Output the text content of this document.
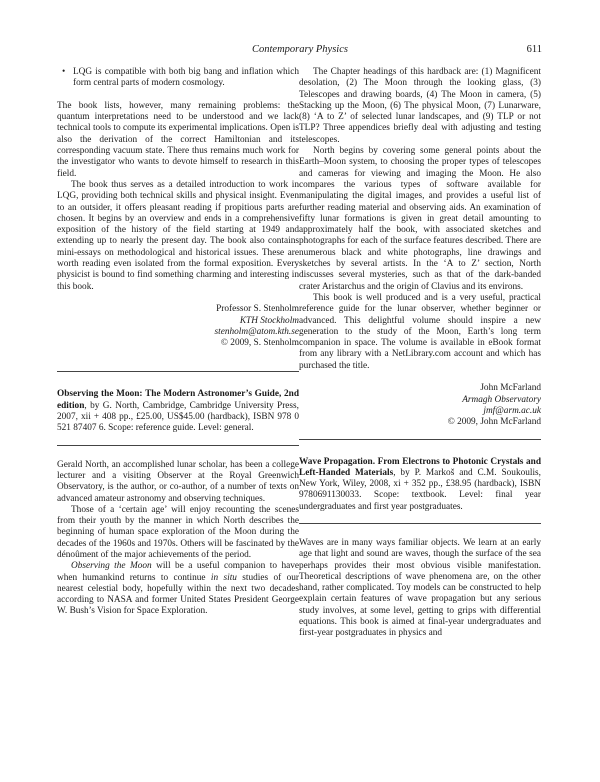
Contemporary Physics	611

• LQG is compatible with both big bang and inflation which form central parts of modern cosmology.

The book lists, however, many remaining problems: the quantum interpretations need to be understood and we lack technical tools to compute its experimental implications. Open is also the derivation of the correct Hamiltonian and its corresponding vacuum state. There thus remains much work for the investigator who wants to devote himself to research in this field.

The book thus serves as a detailed introduction to work in LQG, providing both technical skills and physical insight. Even to an outsider, it offers pleasant reading if propitious parts are chosen. It begins by an overview and ends in a comprehensive exposition of the history of the field starting at 1949 and extending up to nearly the present day. The book also contains mini-essays on methodological and historical issues. These are worth reading even isolated from the formal exposition. Every physicist is bound to find something charming and interesting in this book.

Professor S. Stenholm
KTH Stockholm
stenholm@atom.kth.se
© 2009, S. Stenholm

Observing the Moon: The Modern Astronomer’s Guide, 2nd edition, by G. North, Cambridge, Cambridge University Press, 2007, xii + 408 pp., £25.00, US$45.00 (hardback), ISBN 978 0 521 87407 6. Scope: reference guide. Level: general.

Gerald North, an accomplished lunar scholar, has been a college lecturer and a visiting Observer at the Royal Greenwich Observatory, is the author, or co-author, of a number of texts on advanced amateur astronomy and observing techniques.

Those of a ‘certain age’ will enjoy recounting the scenes from their youth by the manner in which North describes the beginning of human space exploration of the Moon during the decades of the 1960s and 1970s. Others will be fascinated by the dénoûment of the major achievements of the period.

Observing the Moon will be a useful companion to have when humankind returns to continue in situ studies of our nearest celestial body, hopefully within the next two decades according to NASA and former United States President George W. Bush’s Vision for Space Exploration.

The Chapter headings of this hardback are: (1) Magnificent desolation, (2) The Moon through the looking glass, (3) Telescopes and drawing boards, (4) The Moon in camera, (5) Stacking up the Moon, (6) The physical Moon, (7) Lunarware, (8) ‘A to Z’ of selected lunar landscapes, and (9) TLP or not TLP? Three appendices briefly deal with adjusting and testing telescopes.

North begins by covering some general points about the Earth–Moon system, to choosing the proper types of telescopes and cameras for viewing and imaging the Moon. He also compares the various types of software available for manipulating the digital images, and provides a useful list of further reading material and observing aids. An examination of fifty lunar formations is given in great detail amounting to approximately half the book, with associated sketches and photographs for each of the surface features described. There are numerous black and white photographs, line drawings and sketches by several artists. In the ‘A to Z’ section, North discusses several mysteries, such as that of the dark-banded crater Aristarchus and the origin of Clavius and its environs.

This book is well produced and is a very useful, practical reference guide for the lunar observer, whether beginner or advanced. This delightful volume should inspire a new generation to the study of the Moon, Earth’s long term companion in space. The volume is available in eBook format from any library with a NetLibrary.com account and which has purchased the title.

John McFarland
Armagh Observatory
jmf@arm.ac.uk
© 2009, John McFarland

Wave Propagation. From Electrons to Photonic Crystals and Left-Handed Materials, by P. Markoš and C.M. Soukoulis, New York, Wiley, 2008, xi + 352 pp., £38.95 (hardback), ISBN 9780691130033. Scope: textbook. Level: final year undergraduates and first year postgraduates.

Waves are in many ways familiar objects. We learn at an early age that light and sound are waves, though the surface of the sea perhaps provides their most obvious visible manifestation. Theoretical descriptions of wave phenomena are, on the other hand, rather complicated. Toy models can be constructed to help explain certain features of wave propagation but any serious study involves, at some level, getting to grips with differential equations. This book is aimed at final-year undergraduates and first-year postgraduates in physics and
